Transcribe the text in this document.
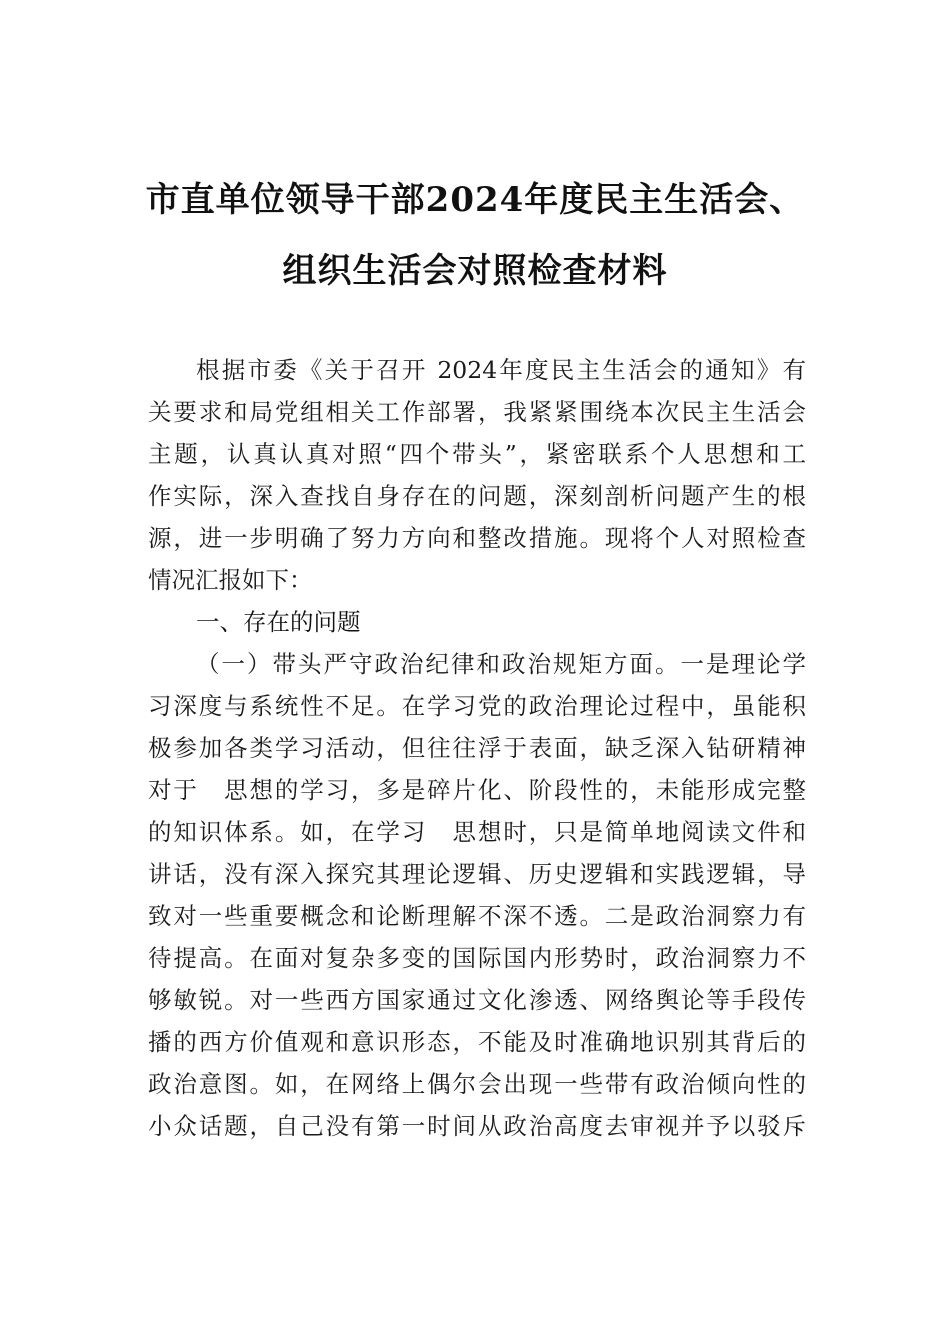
市直单位领导干部2024年度民主生活会、
组织生活会对照检查材料
根据市委《关于召开 2024年度民主生活会的通知》有
关要求和局党组相关工作部署，我紧紧围绕本次民主生活会
主题，认真认真对照“四个带头”，紧密联系个人思想和工
作实际，深入查找自身存在的问题，深刻剖析问题产生的根
源，进一步明确了努力方向和整改措施。现将个人对照检查
情况汇报如下：
一、存在的问题
（一）带头严守政治纪律和政治规矩方面。一是理论学
习深度与系统性不足。在学习党的政治理论过程中，虽能积
极参加各类学习活动，但往往浮于表面，缺乏深入钻研精神
对于　思想的学习，多是碎片化、阶段性的，未能形成完整
的知识体系。如，在学习　思想时，只是简单地阅读文件和
讲话，没有深入探究其理论逻辑、历史逻辑和实践逻辑，导
致对一些重要概念和论断理解不深不透。二是政治洞察力有
待提高。在面对复杂多变的国际国内形势时，政治洞察力不
够敏锐。对一些西方国家通过文化渗透、网络舆论等手段传
播的西方价值观和意识形态，不能及时准确地识别其背后的
政治意图。如，在网络上偶尔会出现一些带有政治倾向性的
小众话题，自己没有第一时间从政治高度去审视并予以驳斥
